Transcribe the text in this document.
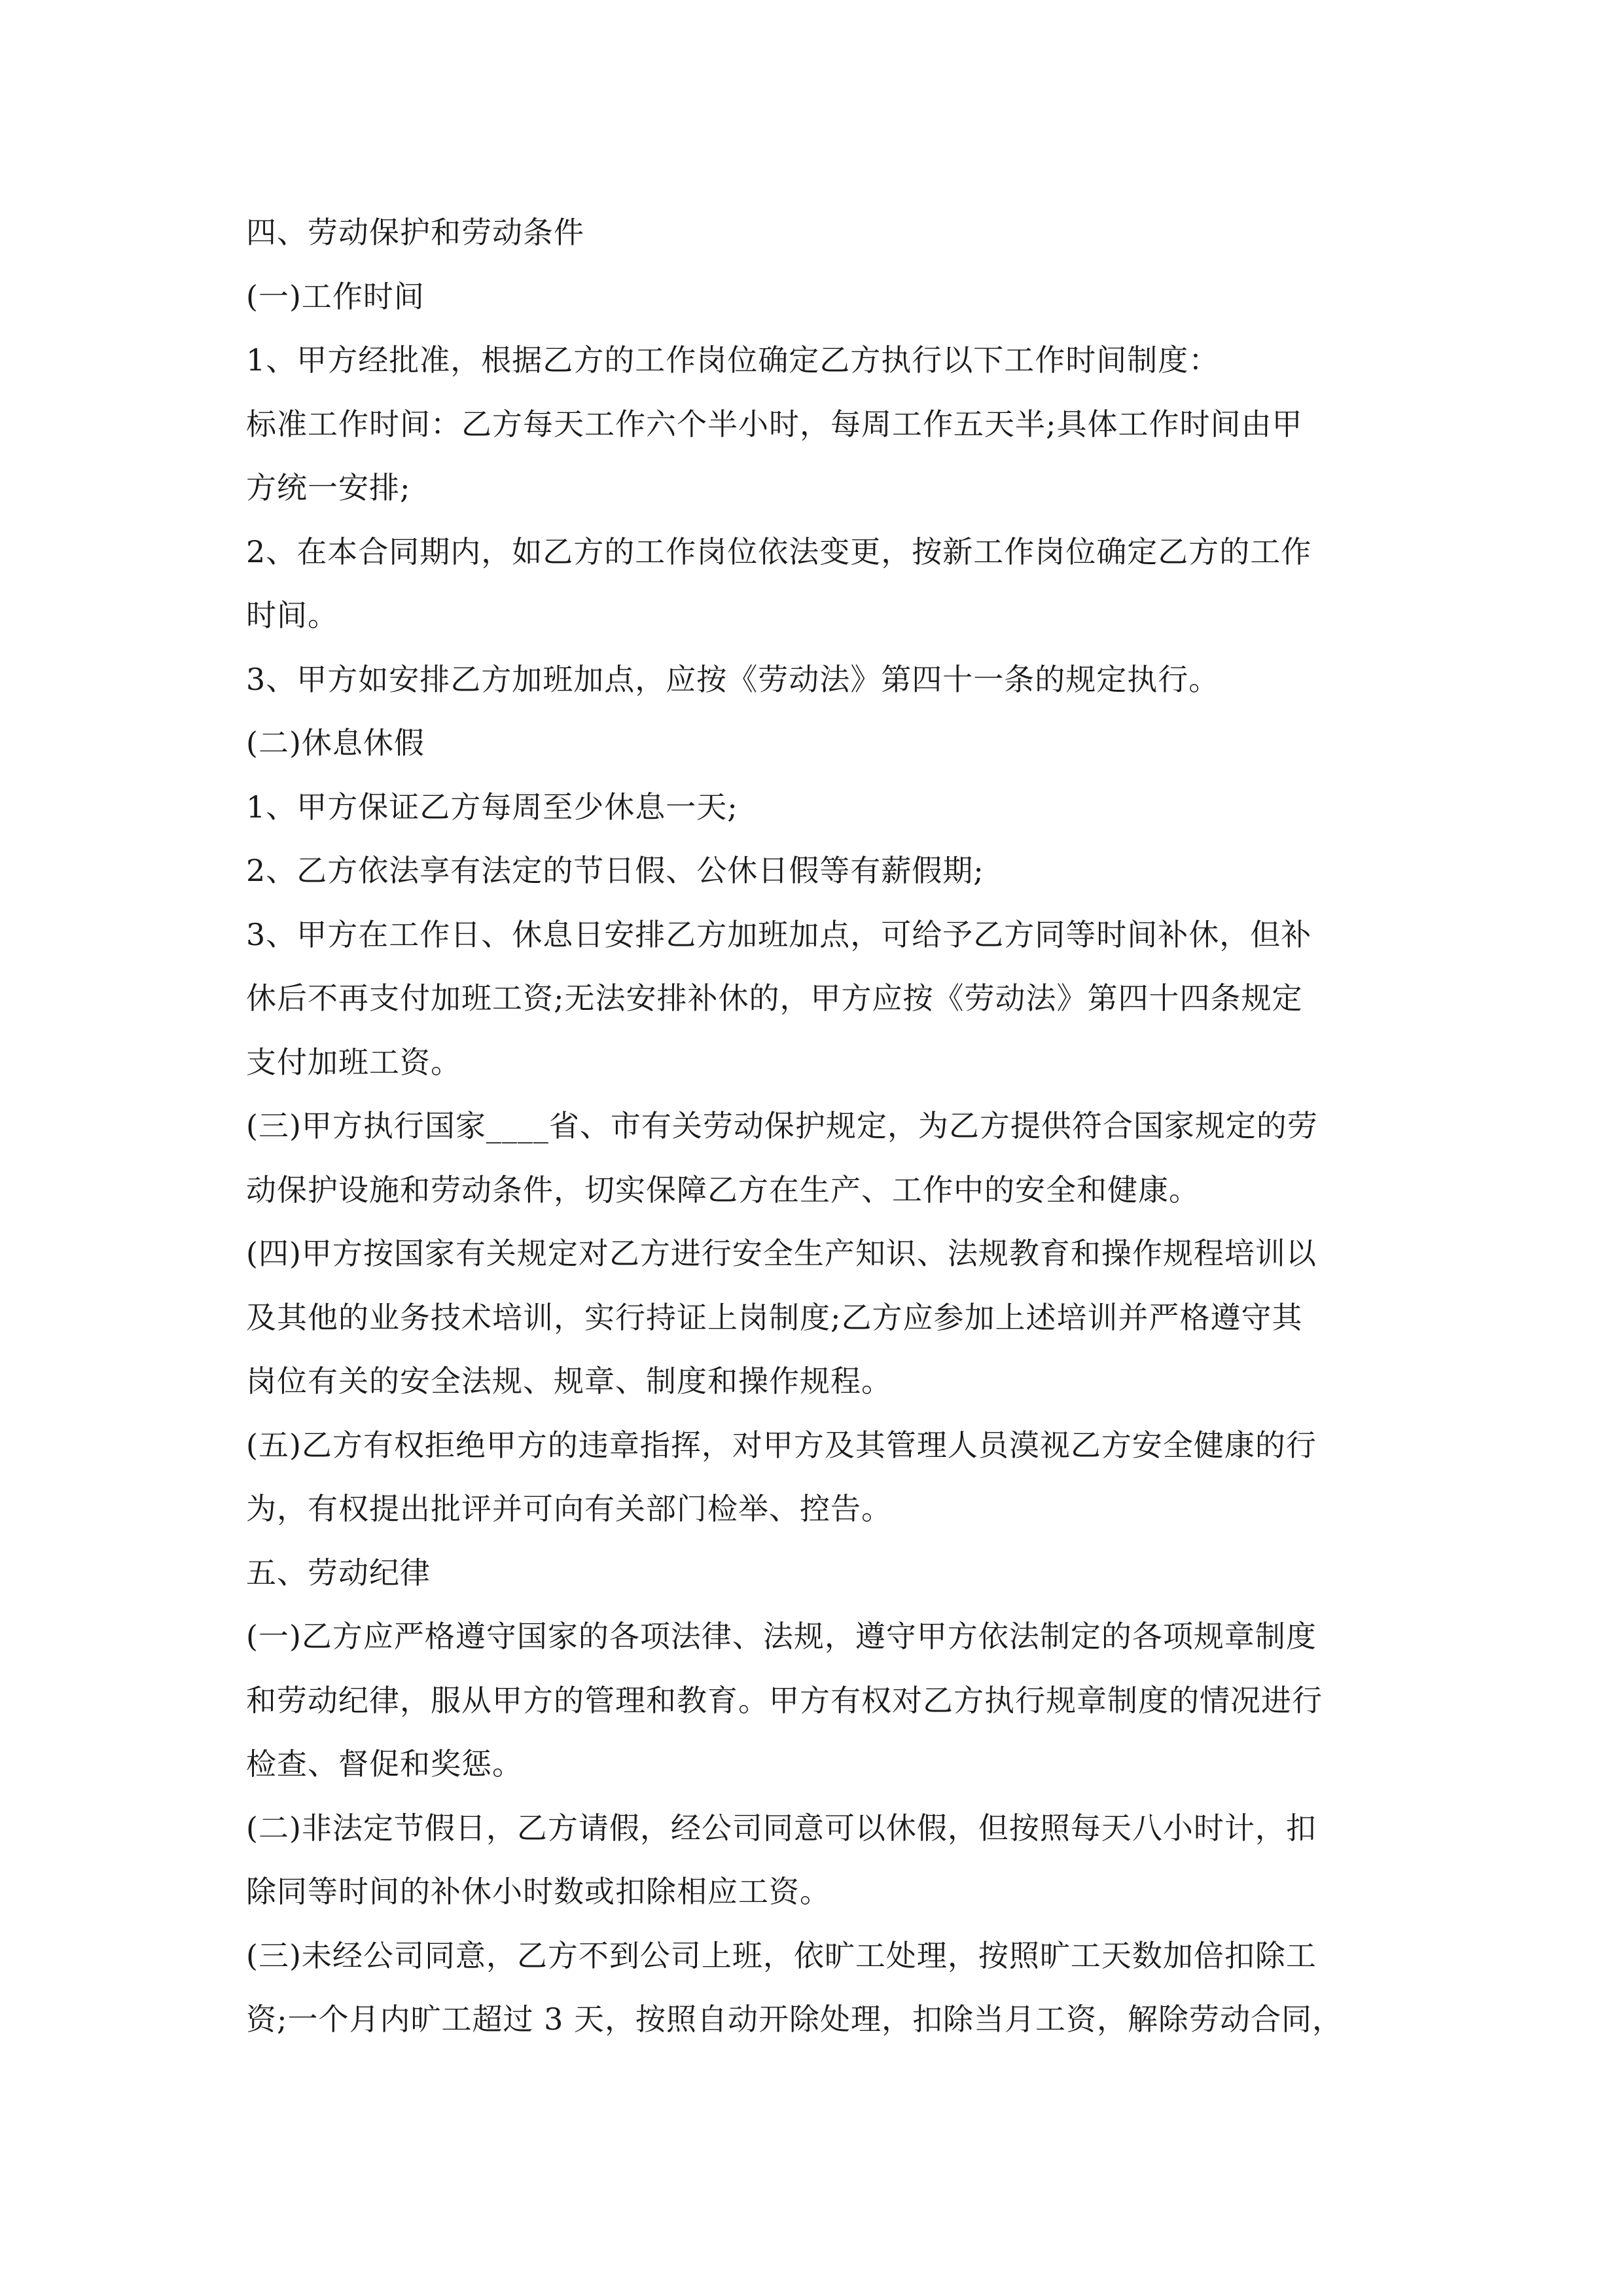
四、劳动保护和劳动条件
(一)工作时间
1、甲方经批准，根据乙方的工作岗位确定乙方执行以下工作时间制度：
标准工作时间：乙方每天工作六个半小时，每周工作五天半;具体工作时间由甲
方统一安排;
2、在本合同期内，如乙方的工作岗位依法变更，按新工作岗位确定乙方的工作
时间。
3、甲方如安排乙方加班加点，应按《劳动法》第四十一条的规定执行。
(二)休息休假
1、甲方保证乙方每周至少休息一天;
2、乙方依法享有法定的节日假、公休日假等有薪假期;
3、甲方在工作日、休息日安排乙方加班加点，可给予乙方同等时间补休，但补
休后不再支付加班工资;无法安排补休的，甲方应按《劳动法》第四十四条规定
支付加班工资。
(三)甲方执行国家____省、市有关劳动保护规定，为乙方提供符合国家规定的劳
动保护设施和劳动条件，切实保障乙方在生产、工作中的安全和健康。
(四)甲方按国家有关规定对乙方进行安全生产知识、法规教育和操作规程培训以
及其他的业务技术培训，实行持证上岗制度;乙方应参加上述培训并严格遵守其
岗位有关的安全法规、规章、制度和操作规程。
(五)乙方有权拒绝甲方的违章指挥，对甲方及其管理人员漠视乙方安全健康的行
为，有权提出批评并可向有关部门检举、控告。
五、劳动纪律
(一)乙方应严格遵守国家的各项法律、法规，遵守甲方依法制定的各项规章制度
和劳动纪律，服从甲方的管理和教育。甲方有权对乙方执行规章制度的情况进行
检查、督促和奖惩。
(二)非法定节假日，乙方请假，经公司同意可以休假，但按照每天八小时计，扣
除同等时间的补休小时数或扣除相应工资。
(三)未经公司同意，乙方不到公司上班，依旷工处理，按照旷工天数加倍扣除工
资;一个月内旷工超过 3 天，按照自动开除处理，扣除当月工资，解除劳动合同，
